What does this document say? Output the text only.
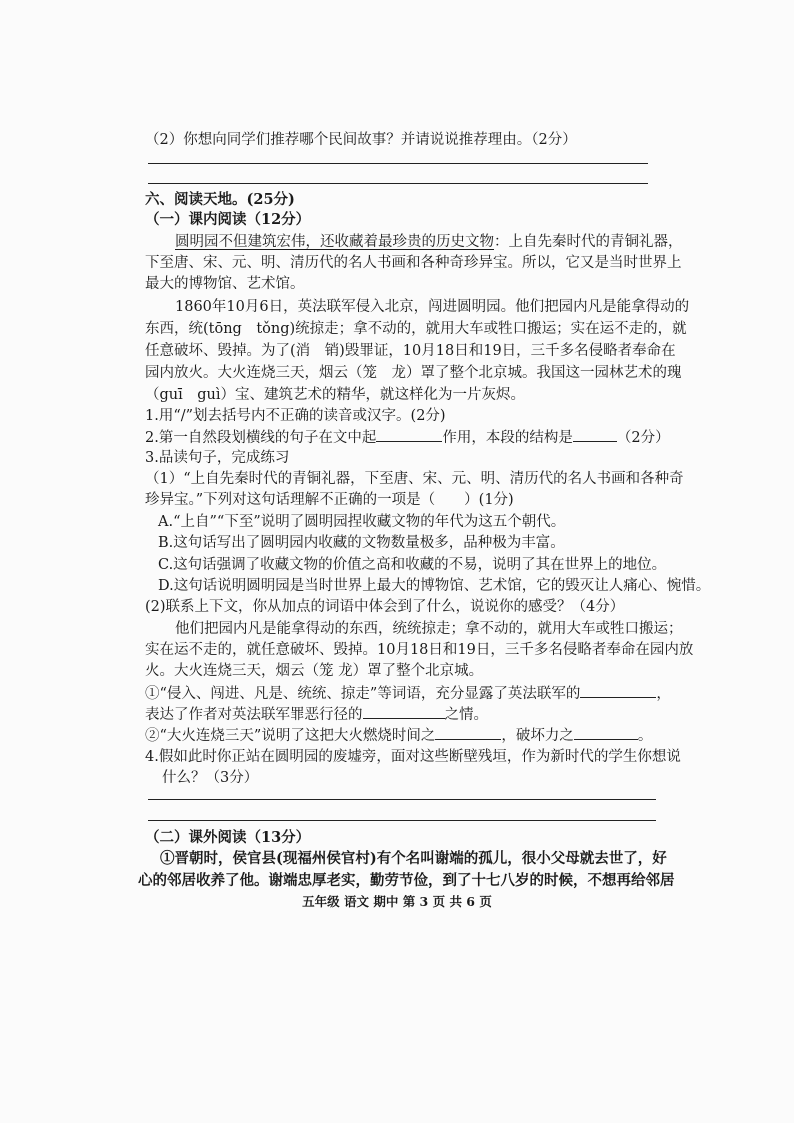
（2）你想向同学们推荐哪个民间故事？并请说说推荐理由。（2分）
六、阅读天地。(25分)
（一）课内阅读（12分）
圆明园不但建筑宏伟，还收藏着最珍贵的历史文物：上自先秦时代的青铜礼器，
下至唐、宋、元、明、清历代的名人书画和各种奇珍异宝。所以，它又是当时世界上
最大的博物馆、艺术馆。
1860年10月6日，英法联军侵入北京，闯进圆明园。他们把园内凡是能拿得动的
东西，统(tōng　tǒng)统掠走；拿不动的，就用大车或牲口搬运；实在运不走的，就
任意破坏、毁掉。为了(消　销)毁罪证，10月18日和19日，三千多名侵略者奉命在
园内放火。大火连烧三天，烟云（笼　龙）罩了整个北京城。我国这一园林艺术的瑰
（guī　guì）宝、建筑艺术的精华，就这样化为一片灰烬。
1.用“/”划去括号内不正确的读音或汉字。(2分)
2.第一自然段划横线的句子在文中起	作用，本段的结构是	（2分）
3.品读句子，完成练习
（1）“上自先秦时代的青铜礼器，下至唐、宋、元、明、清历代的名人书画和各种奇
珍异宝。”下列对这句话理解不正确的一项是（　　）(1分)
A.“上自”“下至”说明了圆明园捏收藏文物的年代为这五个朝代。
B.这句话写出了圆明园内收藏的文物数量极多，品种极为丰富。
C.这句话强调了收藏文物的价值之高和收藏的不易，说明了其在世界上的地位。
D.这句话说明圆明园是当时世界上最大的博物馆、艺术馆，它的毁灭让人痛心、惋惜。
(2)联系上下文，你从加点的词语中体会到了什么，说说你的感受？（4分）
他们把园内凡是能拿得动的东西，统统掠走；拿不动的，就用大车或牲口搬运；
实在运不走的，就任意破坏、毁掉。10月18日和19日，三千多名侵略者奉命在园内放
火。大火连烧三天，烟云（笼 龙）罩了整个北京城。
①“侵入、闯进、凡是、统统、掠走”等词语，充分显露了英法联军的	，
表达了作者对英法联军罪恶行径的	之情。
②“大火连烧三天”说明了这把大火燃烧时间之	，破坏力之	。
4.假如此时你正站在圆明园的废墟旁，面对这些断壁残垣，作为新时代的学生你想说
什么？（3分）
（二）课外阅读（13分）
①晋朝时，侯官县(现福州侯官村)有个名叫谢端的孤儿，很小父母就去世了，好
心的邻居收养了他。谢端忠厚老实，勤劳节俭，到了十七八岁的时候，不想再给邻居
五年级 语文 期中 第 3 页 共 6 页
